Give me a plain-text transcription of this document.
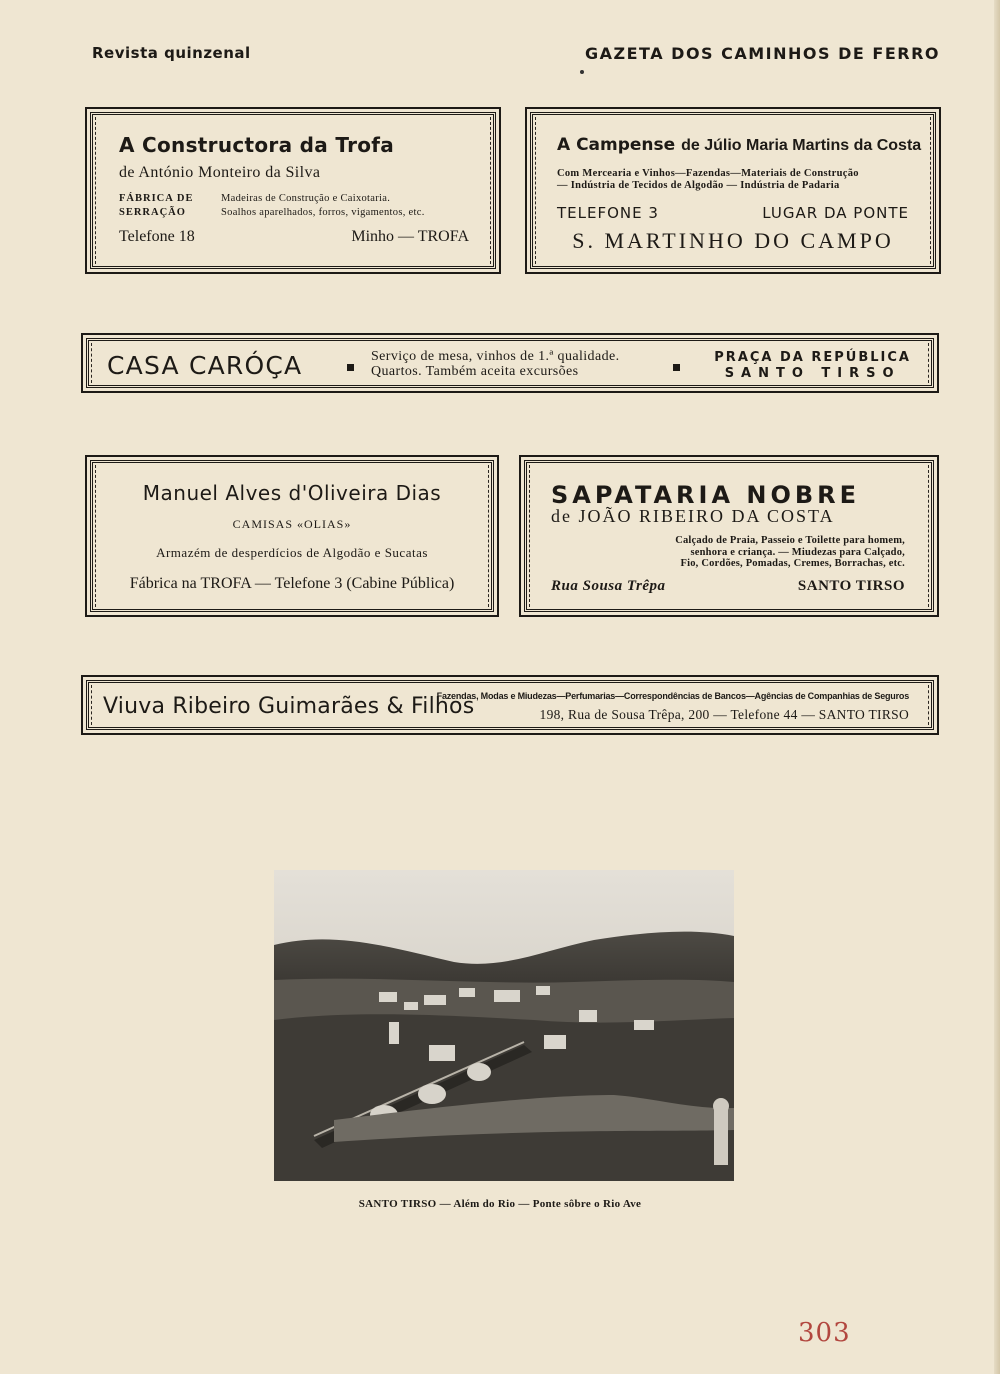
Revista quinzenal	GAZETA DOS CAMINHOS DE FERRO
A Constructora da Trofa
de António Monteiro da Silva
FÁBRICA DE
SERRAÇÃO
Madeiras de Construção e Caixotaria.
Soalhos aparelhados, forros, vigamentos, etc.
Telefone 18	Minho — TROFA
A Campense de Júlio Maria Martins da Costa
Com Mercearia e Vinhos—Fazendas—Materiais de Construção
— Indústria de Tecidos de Algodão — Indústria de Padaria
TELEFONE 3	LUGAR DA PONTE
S. MARTINHO DO CAMPO
CASA CARÓÇA	Serviço de mesa, vinhos de 1.ª qualidade.
Quartos. Também aceita excursões
PRAÇA DA REPÚBLICA
SANTO TIRSO
Manuel Alves d'Oliveira Dias
CAMISAS «OLIAS»
Armazém de desperdícios de Algodão e Sucatas
Fábrica na TROFA — Telefone 3 (Cabine Pública)
SAPATARIA NOBRE
de JOÃO RIBEIRO DA COSTA
Calçado de Praia, Passeio e Toilette para homem,
senhora e criança. — Miudezas para Calçado,
Fio, Cordões, Pomadas, Cremes, Borrachas, etc.
Rua Sousa Trêpa	SANTO TIRSO
Viuva Ribeiro Guimarães & Filhos
Fazendas, Modas e Miudezas—Perfumarias—Correspondências de Bancos—Agências de Companhias de Seguros
198, Rua de Sousa Trêpa, 200 — Telefone 44 — SANTO TIRSO
SANTO TIRSO — Além do Rio — Ponte sôbre o Rio Ave
303
